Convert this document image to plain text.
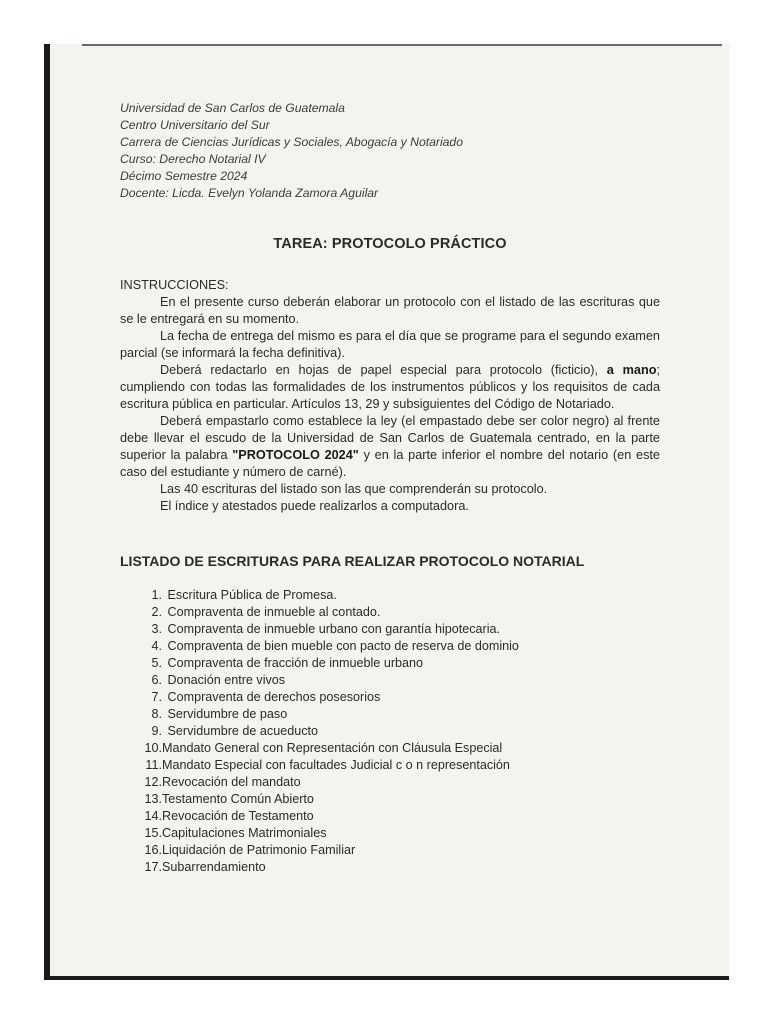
Universidad de San Carlos de Guatemala
Centro Universitario del Sur
Carrera de Ciencias Jurídicas y Sociales, Abogacía y Notariado
Curso: Derecho Notarial IV
Décimo Semestre 2024
Docente: Licda. Evelyn Yolanda Zamora Aguilar
TAREA: PROTOCOLO PRÁCTICO
INSTRUCCIONES:

En el presente curso deberán elaborar un protocolo con el listado de las escrituras que se le entregará en su momento.

La fecha de entrega del mismo es para el día que se programe para el segundo examen parcial (se informará la fecha definitiva).

Deberá redactarlo en hojas de papel especial para protocolo (ficticio), a mano; cumpliendo con todas las formalidades de los instrumentos públicos y los requisitos de cada escritura pública en particular. Artículos 13, 29 y subsiguientes del Código de Notariado.

Deberá empastarlo como establece la ley (el empastado debe ser color negro) al frente debe llevar el escudo de la Universidad de San Carlos de Guatemala centrado, en la parte superior la palabra "PROTOCOLO 2024" y en la parte inferior el nombre del notario (en este caso del estudiante y número de carné).

Las 40 escrituras del listado son las que comprenderán su protocolo.

El índice y atestados puede realizarlos a computadora.

LISTADO DE ESCRITURAS PARA REALIZAR PROTOCOLO NOTARIAL
1. Escritura Pública de Promesa.
2. Compraventa de inmueble al contado.
3. Compraventa de inmueble urbano con garantía hipotecaria.
4. Compraventa de bien mueble con pacto de reserva de dominio
5. Compraventa de fracción de inmueble urbano
6. Donación entre vivos
7. Compraventa de derechos posesorios
8. Servidumbre de paso
9. Servidumbre de acueducto
10.Mandato General con Representación con Cláusula Especial
11.Mandato Especial con facultades Judicial c o n representación
12.Revocación del mandato
13.Testamento Común Abierto
14.Revocación de Testamento
15.Capitulaciones Matrimoniales
16.Liquidación de Patrimonio Familiar
17.Subarrendamiento
